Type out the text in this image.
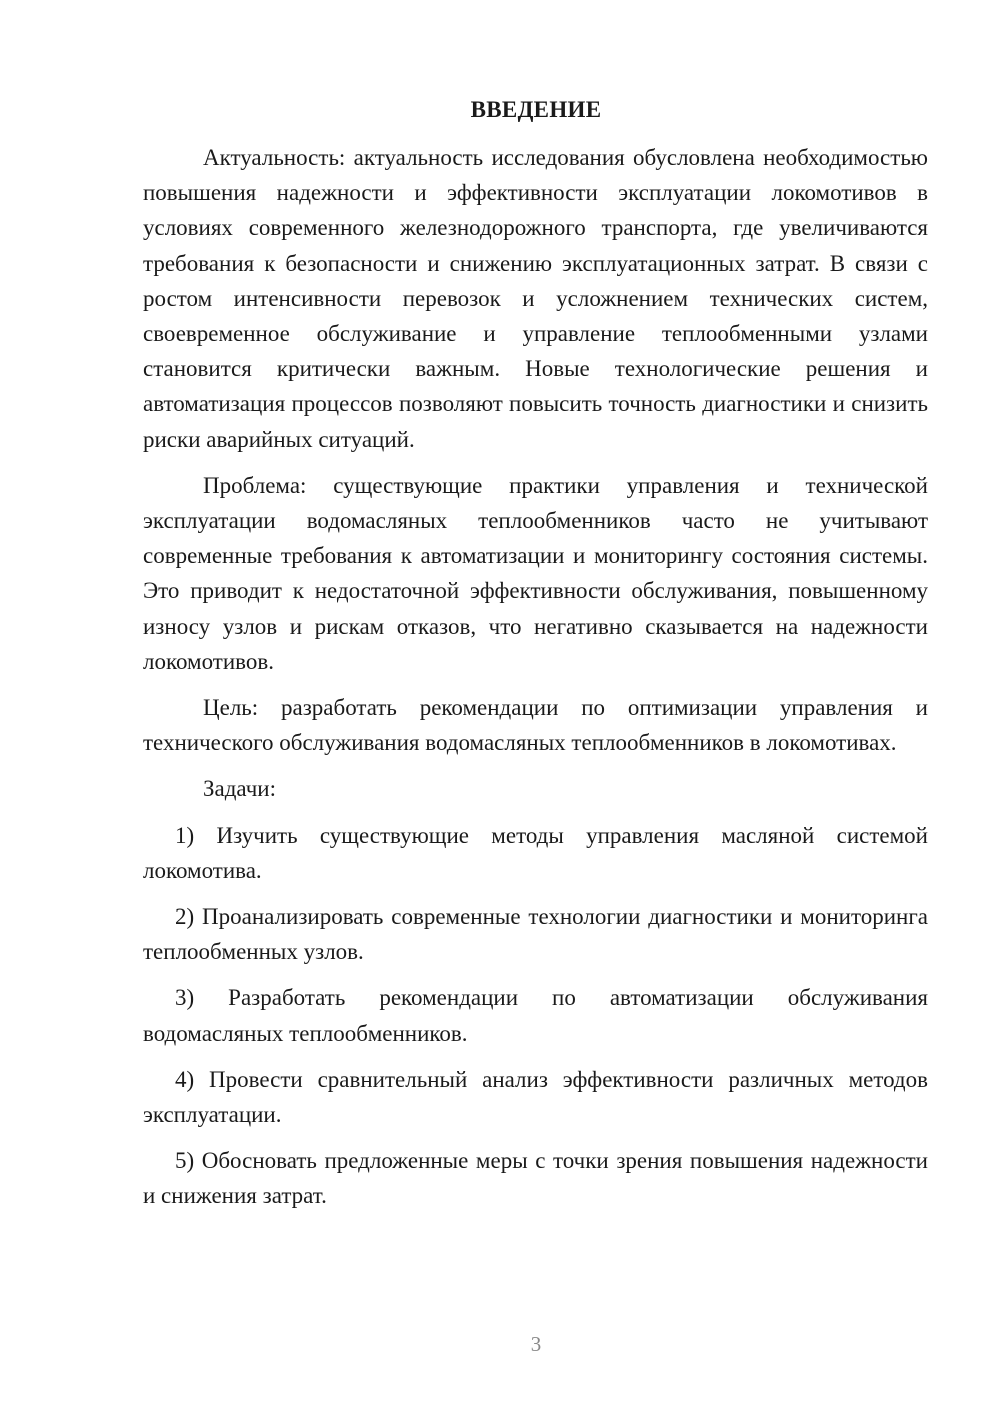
ВВЕДЕНИЕ

Актуальность: актуальность исследования обусловлена необходимостью повышения надежности и эффективности эксплуатации локомотивов в условиях современного железнодорожного транспорта, где увеличиваются требования к безопасности и снижению эксплуатационных затрат. В связи с ростом интенсивности перевозок и усложнением технических систем, своевременное обслуживание и управление теплообменными узлами становится критически важным. Новые технологические решения и автоматизация процессов позволяют повысить точность диагностики и снизить риски аварийных ситуаций.

Проблема: существующие практики управления и технической эксплуатации водомасляных теплообменников часто не учитывают современные требования к автоматизации и мониторингу состояния системы. Это приводит к недостаточной эффективности обслуживания, повышенному износу узлов и рискам отказов, что негативно сказывается на надежности локомотивов.

Цель: разработать рекомендации по оптимизации управления и технического обслуживания водомасляных теплообменников в локомотивах.

Задачи:

1) Изучить существующие методы управления масляной системой локомотива.

2) Проанализировать современные технологии диагностики и мониторинга теплообменных узлов.

3) Разработать рекомендации по автоматизации обслуживания водомасляных теплообменников.

4) Провести сравнительный анализ эффективности различных методов эксплуатации.

5) Обосновать предложенные меры с точки зрения повышения надежности и снижения затрат.

3
